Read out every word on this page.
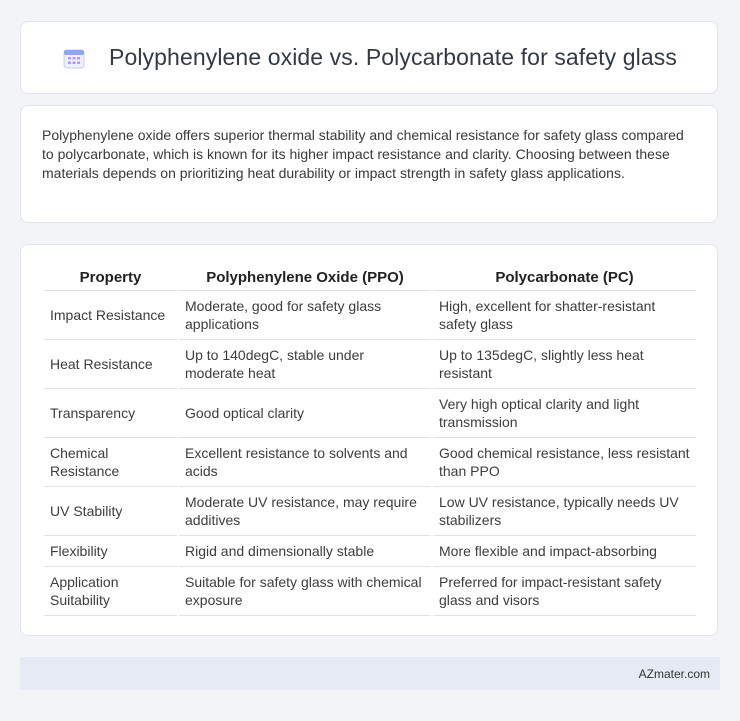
Polyphenylene oxide vs. Polycarbonate for safety glass

Polyphenylene oxide offers superior thermal stability and chemical resistance for safety glass compared to polycarbonate, which is known for its higher impact resistance and clarity. Choosing between these materials depends on prioritizing heat durability or impact strength in safety glass applications.

Property	Polyphenylene Oxide (PPO)	Polycarbonate (PC)
Impact Resistance	Moderate, good for safety glass applications	High, excellent for shatter-resistant safety glass
Heat Resistance	Up to 140degC, stable under moderate heat	Up to 135degC, slightly less heat resistant
Transparency	Good optical clarity	Very high optical clarity and light transmission
Chemical Resistance	Excellent resistance to solvents and acids	Good chemical resistance, less resistant than PPO
UV Stability	Moderate UV resistance, may require additives	Low UV resistance, typically needs UV stabilizers
Flexibility	Rigid and dimensionally stable	More flexible and impact-absorbing
Application Suitability	Suitable for safety glass with chemical exposure	Preferred for impact-resistant safety glass and visors
AZmater.com
